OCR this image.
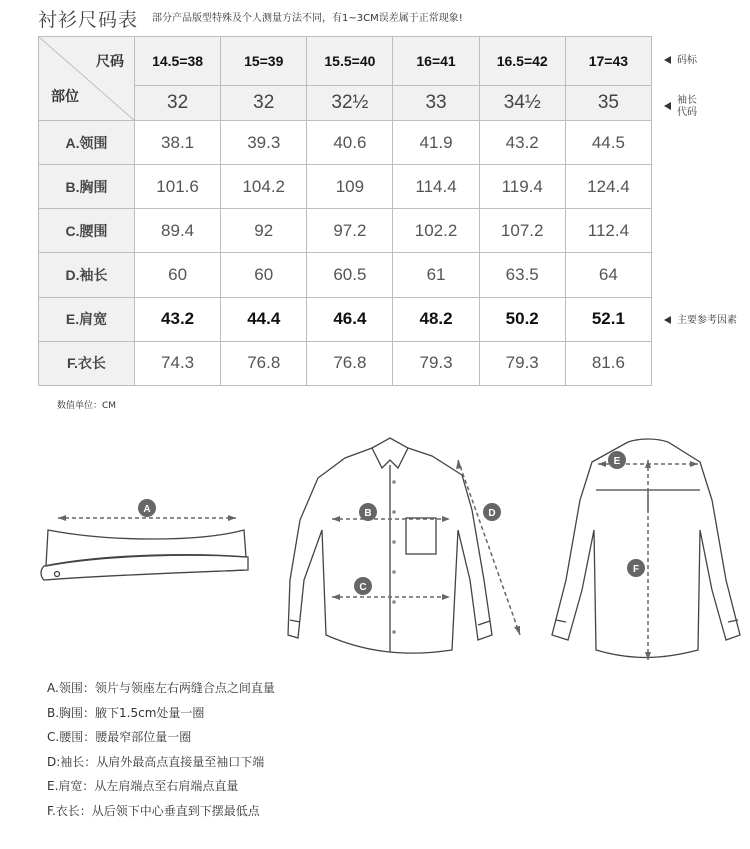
衬衫尺码表 部分产品版型特殊及个人测量方法不同，有1~3CM误差属于正常现象!
尺码
部位	14.5=38	15=39	15.5=40	16=41	16.5=42	17=43
	32	32	32½	33	34½	35
A.领围	38.1	39.3	40.6	41.9	43.2	44.5
B.胸围	101.6	104.2	109	114.4	119.4	124.4
C.腰围	89.4	92	97.2	102.2	107.2	112.4
D.袖长	60	60	60.5	61	63.5	64
E.肩宽	43.2	44.4	46.4	48.2	50.2	52.1
F.衣长	74.3	76.8	76.8	79.3	79.3	81.6
码标
袖长
代码
主要参考因素
数值单位：CM
A	B
C
D
E
F
A.领围：领片与领座左右两缝合点之间直量
B.胸围：腋下1.5cm处量一圈
C.腰围：腰最窄部位量一圈
D:袖长：从肩外最高点直接量至袖口下端
E.肩宽：从左肩端点至右肩端点直量
F.衣长：从后领下中心垂直到下摆最低点
